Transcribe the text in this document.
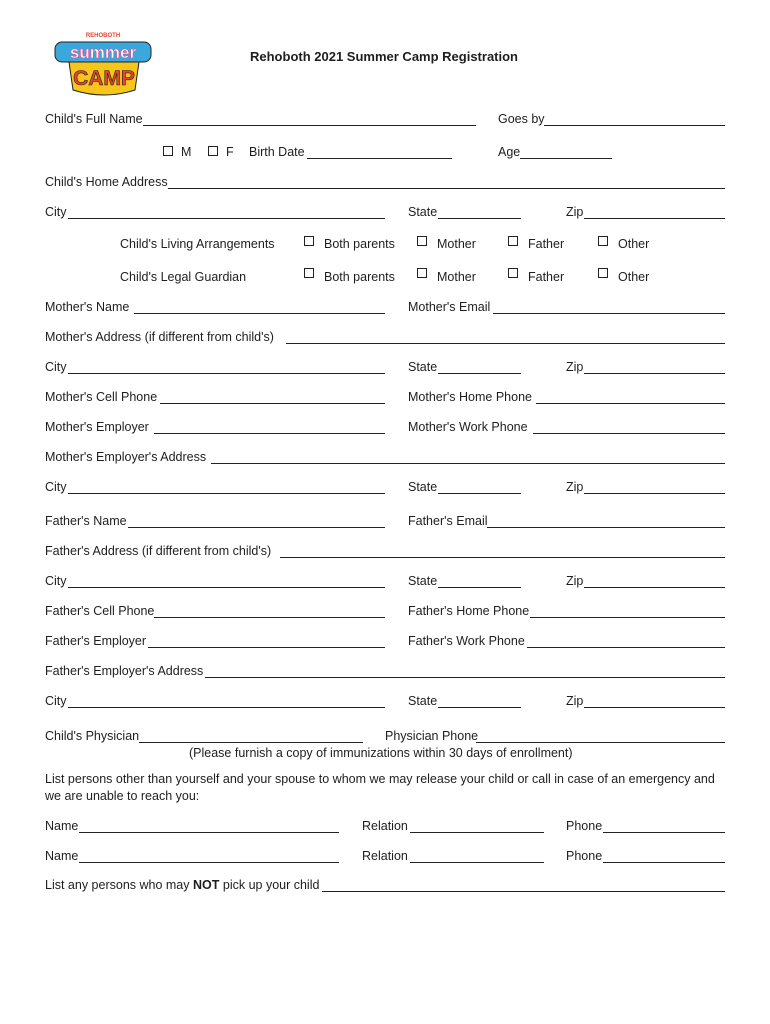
REHOBOTH
summer
CAMP
Rehoboth 2021 Summer Camp Registration
Child's Full Name	Goes by
M	F Birth Date	Age
Child's Home Address
City	State	Zip
Child's Living Arrangements	Both parents	Mother	Father	Other
Child's Legal Guardian	Both parents	Mother	Father	Other
Mother's Name	Mother's Email
Mother's Address (if different from child's)
City	State	Zip
Mother's Cell Phone	Mother's Home Phone
Mother's Employer	Mother's Work Phone
Mother's Employer's Address
City	State	Zip
Father's Name	Father's Email
Father's Address (if different from child's)
City	State	Zip
Father's Cell Phone	Father's Home Phone
Father's Employer	Father's Work Phone
Father's Employer's Address
City	State	Zip
Child's Physician	Physician Phone
(Please furnish a copy of immunizations within 30 days of enrollment)
List persons other than yourself and your spouse to whom we may release your child or call in case of an emergency and
we are unable to reach you:
Name	Relation	Phone
Name	Relation	Phone
List any persons who may NOT pick up your child
